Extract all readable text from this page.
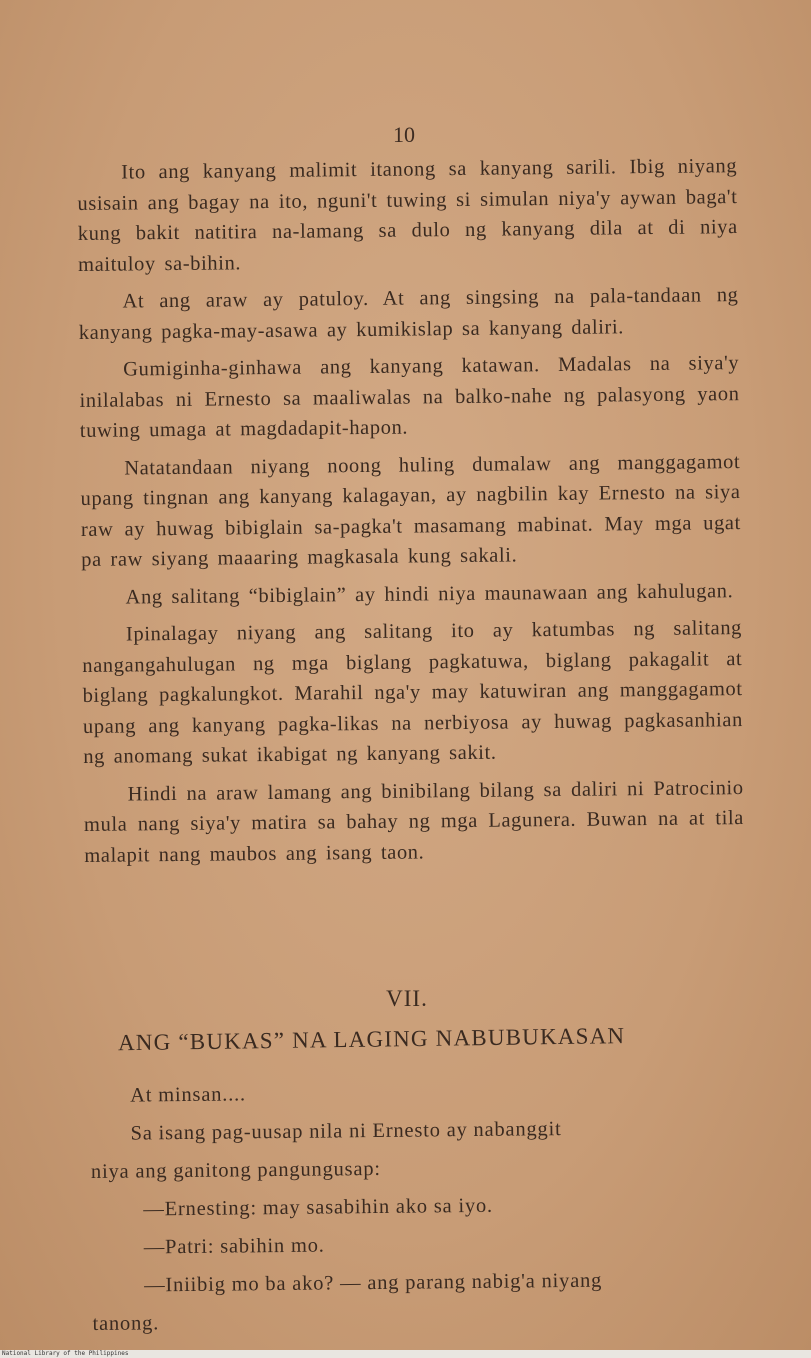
10

Ito ang kanyang malimit itanong sa kanyang sarili. Ibig niyang usisain ang bagay na ito, nguni't tuwing si simulan niya'y aywan baga't kung bakit natitira na-lamang sa dulo ng kanyang dila at di niya maituloy sa-bihin.

At ang araw ay patuloy. At ang singsing na pala-tandaan ng kanyang pagka-may-asawa ay kumikislap sa kanyang daliri.

Gumiginha-ginhawa ang kanyang katawan. Madalas na siya'y inilalabas ni Ernesto sa maaliwalas na balko-nahe ng palasyong yaon tuwing umaga at magdadapit-hapon.

Natatandaan niyang noong huling dumalaw ang manggagamot upang tingnan ang kanyang kalagayan, ay nagbilin kay Ernesto na siya raw ay huwag bibiglain sa-pagka't masamang mabinat. May mga ugat pa raw siyang maaaring magkasala kung sakali.

Ang salitang “bibiglain” ay hindi niya maunawaan ang kahulugan.

Ipinalagay niyang ang salitang ito ay katumbas ng salitang nangangahulugan ng mga biglang pagkatuwa, biglang pakagalit at biglang pagkalungkot. Marahil nga'y may katuwiran ang manggagamot upang ang kanyang pagka-likas na nerbiyosa ay huwag pagkasanhian ng anomang sukat ikabigat ng kanyang sakit.

Hindi na araw lamang ang binibilang bilang sa daliri ni Patrocinio mula nang siya'y matira sa bahay ng mga Lagunera. Buwan na at tila malapit nang maubos ang isang taon.

VII.
ANG “BUKAS” NA LAGING NABUBUKASAN

At minsan....

Sa isang pag-uusap nila ni Ernesto ay nabanggit

niya ang ganitong pangungusap:

—Ernesting: may sasabihin ako sa iyo.

—Patri: sabihin mo.

—Iniibig mo ba ako? — ang parang nabig'a niyang

tanong.

National Library of the Philippines
